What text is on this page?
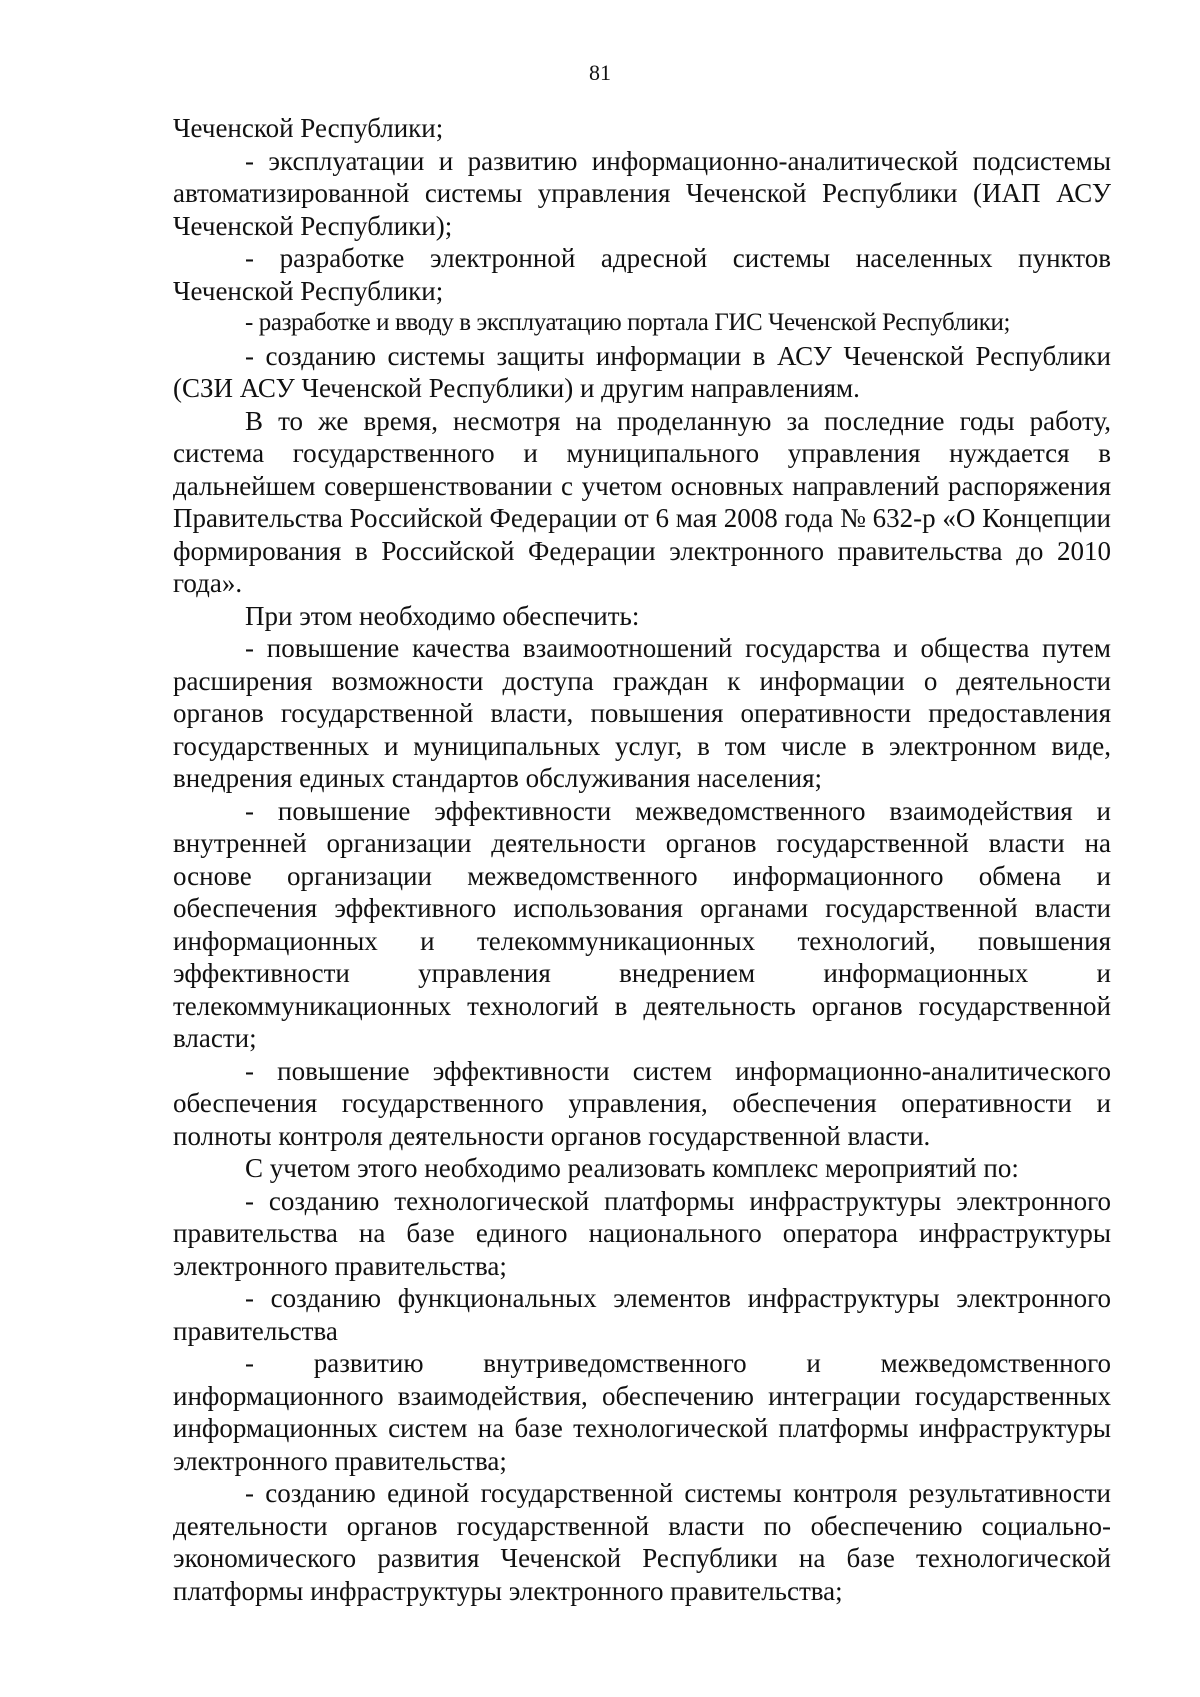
81

Чеченской Республики;

- эксплуатации и развитию информационно-аналитической подсистемы автоматизированной системы управления Чеченской Республики (ИАП АСУ Чеченской Республики);

- разработке электронной адресной системы населенных пунктов Чеченской Республики;

- разработке и вводу в эксплуатацию портала ГИС Чеченской Республики;

- созданию системы защиты информации в АСУ Чеченской Республики (СЗИ АСУ Чеченской Республики) и другим направлениям.

В то же время, несмотря на проделанную за последние годы работу, система государственного и муниципального управления нуждается в дальнейшем совершенствовании с учетом основных направлений распоряжения Правительства Российской Федерации от 6 мая 2008 года № 632-р «О Концепции формирования в Российской Федерации электронного правительства до 2010 года».

При этом необходимо обеспечить:

- повышение качества взаимоотношений государства и общества путем расширения возможности доступа граждан к информации о деятельности органов государственной власти, повышения оперативности предоставления государственных и муниципальных услуг, в том числе в электронном виде, внедрения единых стандартов обслуживания населения;

- повышение эффективности межведомственного взаимодействия и внутренней организации деятельности органов государственной власти на основе организации межведомственного информационного обмена и обеспечения эффективного использования органами государственной власти информационных и телекоммуникационных технологий, повышения эффективности управления внедрением информационных и телекоммуникационных технологий в деятельность органов государственной власти;

- повышение эффективности систем информационно-аналитического обеспечения государственного управления, обеспечения оперативности и полноты контроля деятельности органов государственной власти.

С учетом этого необходимо реализовать комплекс мероприятий по:

- созданию технологической платформы инфраструктуры электронного правительства на базе единого национального оператора инфраструктуры электронного правительства;

- созданию функциональных элементов инфраструктуры электронного правительства

- развитию внутриведомственного и межведомственного информационного взаимодействия, обеспечению интеграции государственных информационных систем на базе технологической платформы инфраструктуры электронного правительства;

- созданию единой государственной системы контроля результативности деятельности органов государственной власти по обеспечению социально-экономического развития Чеченской Республики на базе технологической платформы инфраструктуры электронного правительства;
